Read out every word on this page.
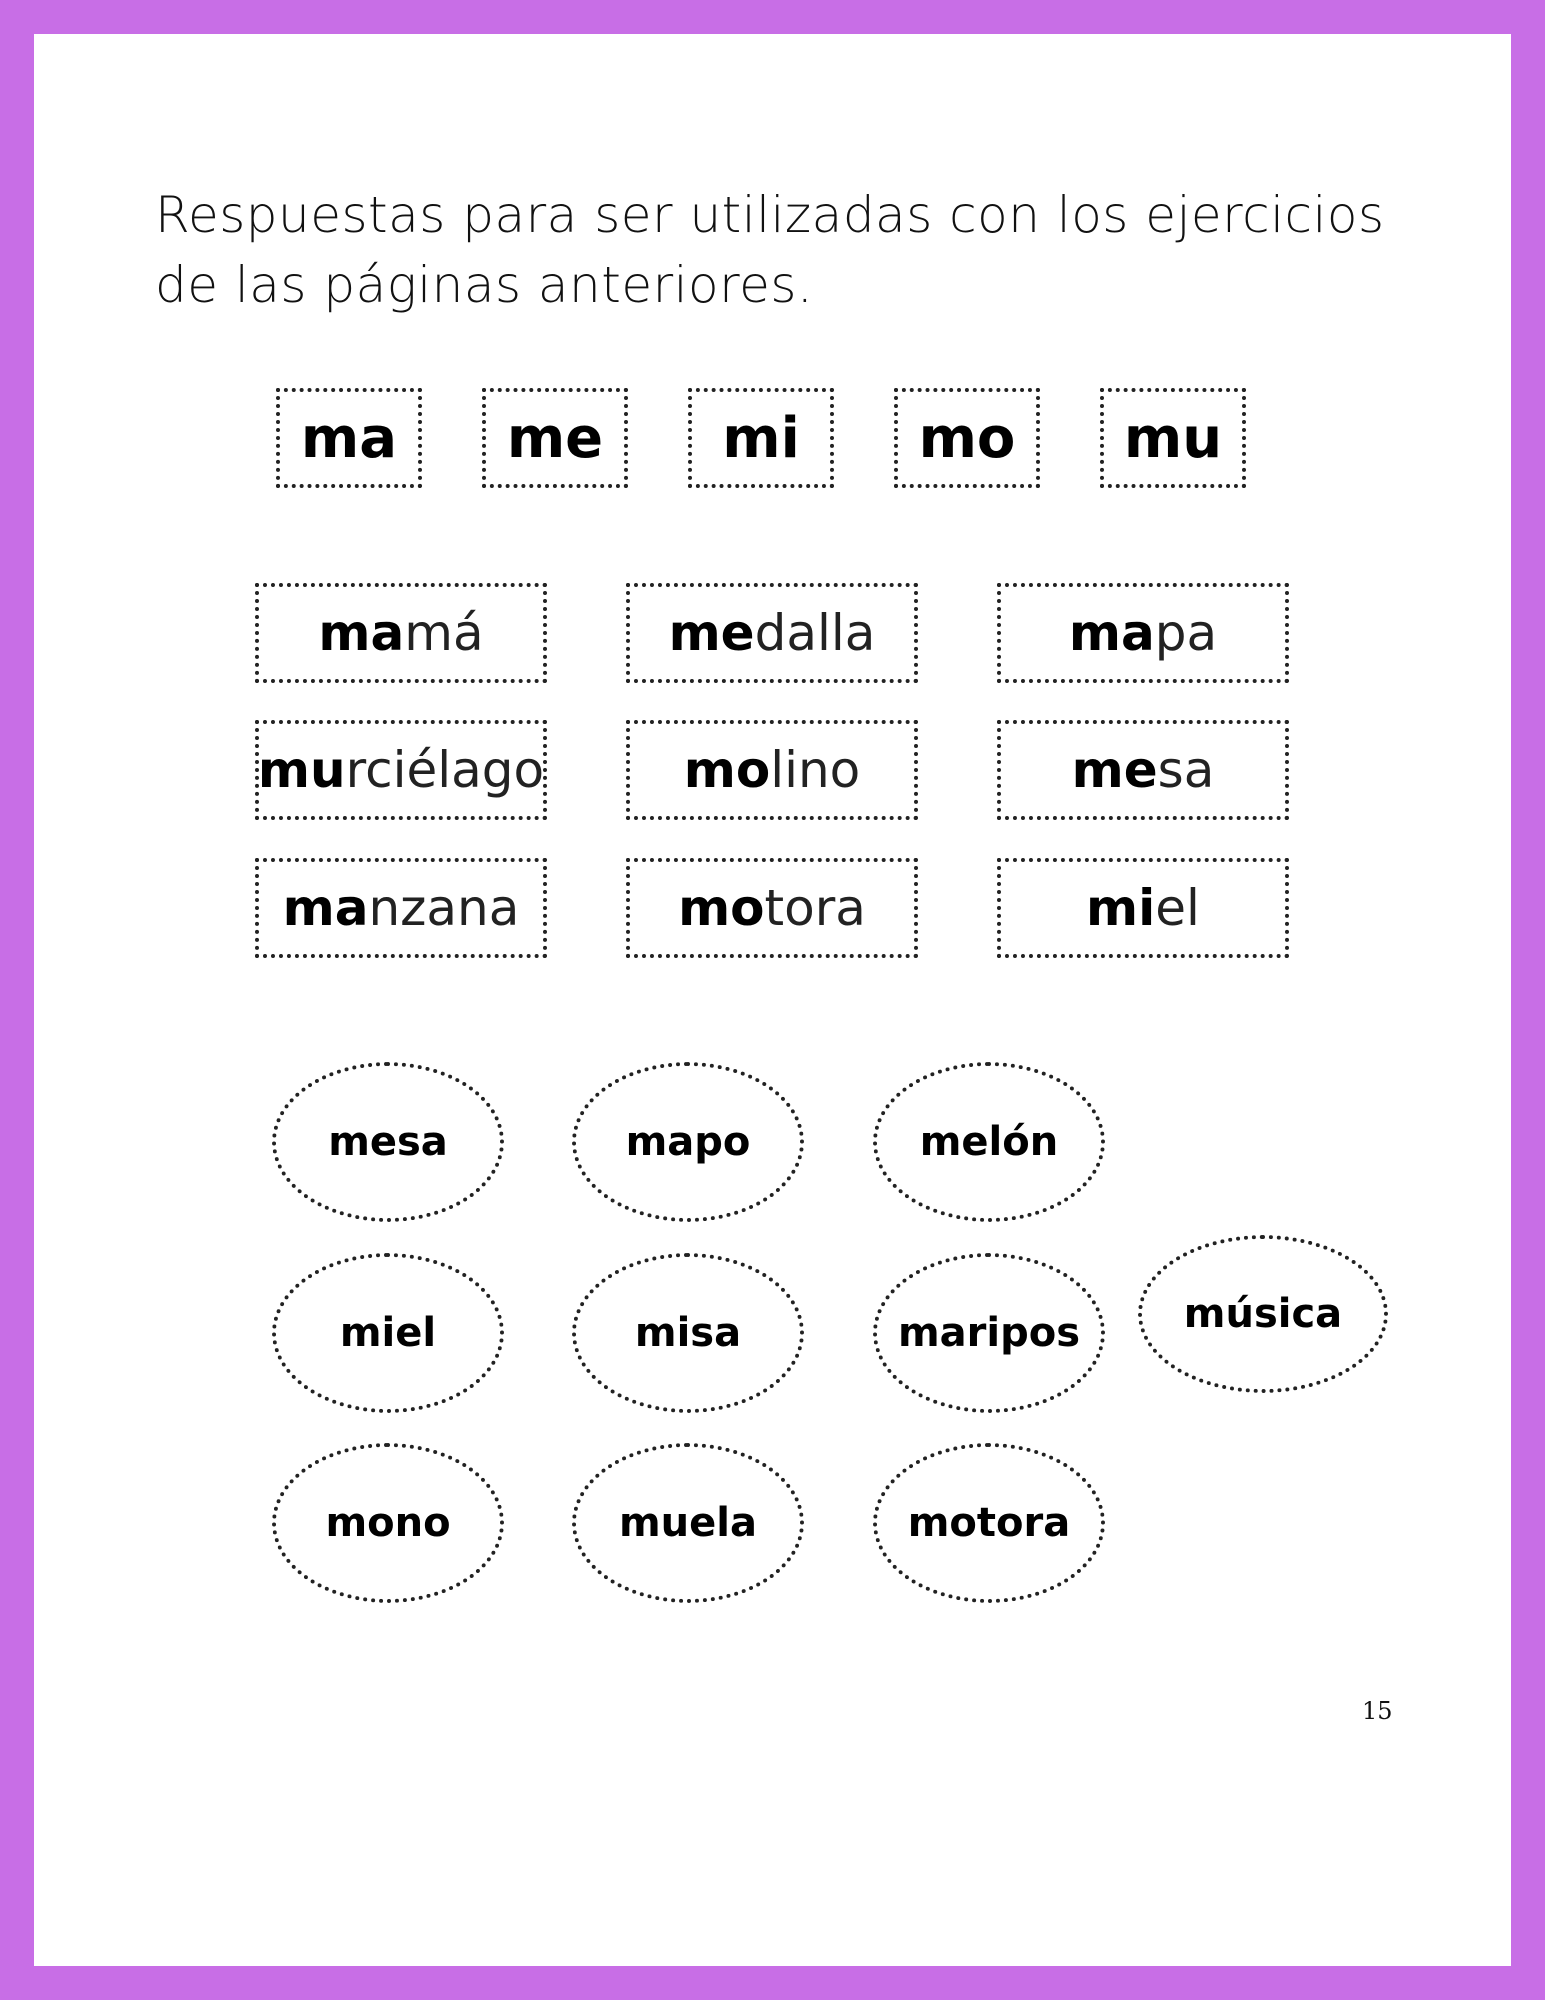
Respuestas para ser utilizadas con los ejercicios de las páginas anteriores.
ma	me	mi	mo	mu
ma má	me dalla	ma pa
mu rciélago	mo lino	me sa
ma nzana	mo tora	mi el
mesa	mapo	melón
miel	misa	maripos	música
mono	muela	motora
15
